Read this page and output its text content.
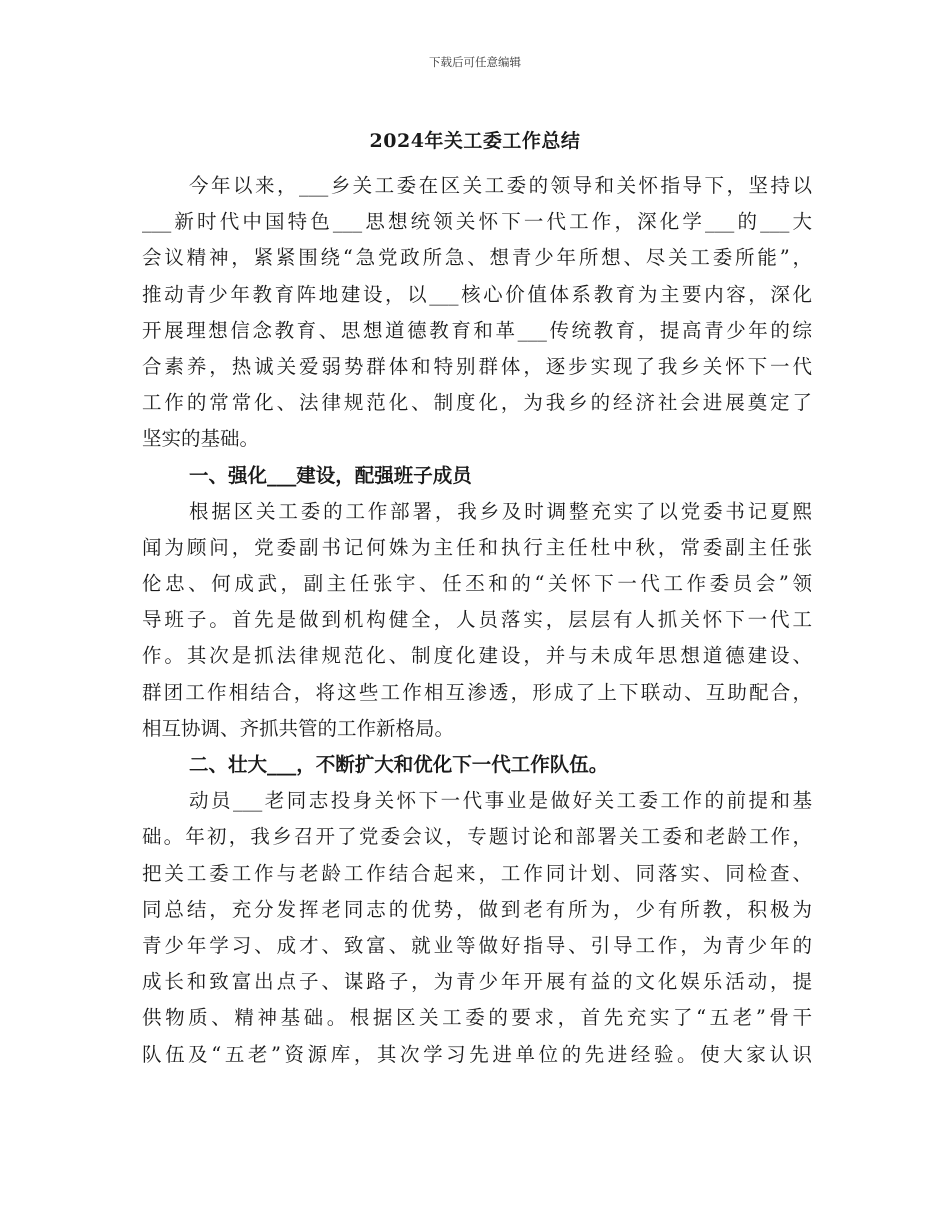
下载后可任意编辑
2024年关工委工作总结
今年以来，___乡关工委在区关工委的领导和关怀指导下，坚持以
___新时代中国特色___思想统领关怀下一代工作，深化学___的___大
会议精神，紧紧围绕“急党政所急、想青少年所想、尽关工委所能”，
推动青少年教育阵地建设，以___核心价值体系教育为主要内容，深化
开展理想信念教育、思想道德教育和革___传统教育，提高青少年的综
合素养，热诚关爱弱势群体和特别群体，逐步实现了我乡关怀下一代
工作的常常化、法律规范化、制度化，为我乡的经济社会进展奠定了
坚实的基础。
一、强化___建设，配强班子成员
根据区关工委的工作部署，我乡及时调整充实了以党委书记夏熙
闻为顾问，党委副书记何姝为主任和执行主任杜中秋，常委副主任张
伦忠、何成武，副主任张宇、任丕和的“关怀下一代工作委员会”领
导班子。首先是做到机构健全，人员落实，层层有人抓关怀下一代工
作。其次是抓法律规范化、制度化建设，并与未成年思想道德建设、
群团工作相结合，将这些工作相互渗透，形成了上下联动、互助配合，
相互协调、齐抓共管的工作新格局。
二、壮大___，不断扩大和优化下一代工作队伍。
动员___老同志投身关怀下一代事业是做好关工委工作的前提和基
础。年初，我乡召开了党委会议，专题讨论和部署关工委和老龄工作，
把关工委工作与老龄工作结合起来，工作同计划、同落实、同检查、
同总结，充分发挥老同志的优势，做到老有所为，少有所教，积极为
青少年学习、成才、致富、就业等做好指导、引导工作，为青少年的
成长和致富出点子、谋路子，为青少年开展有益的文化娱乐活动，提
供物质、精神基础。根据区关工委的要求，首先充实了“五老”骨干
队伍及“五老”资源库，其次学习先进单位的先进经验。使大家认识
